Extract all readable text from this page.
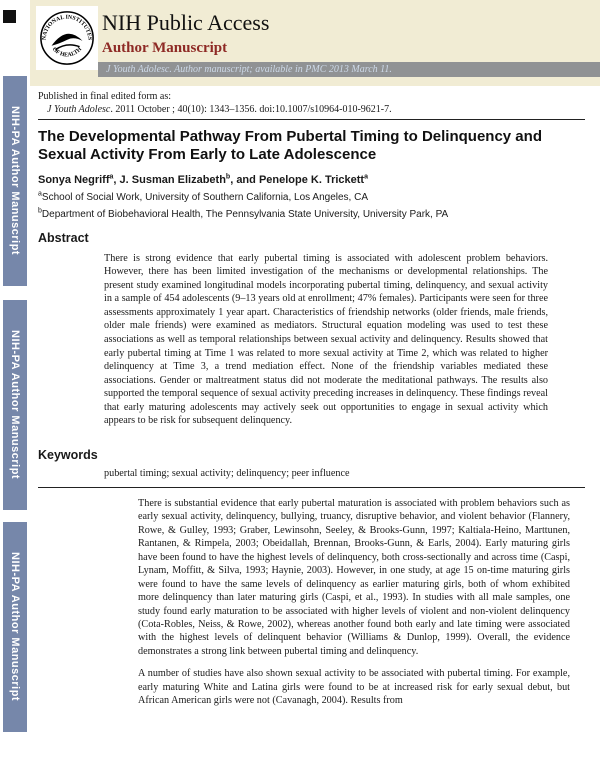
NIH-PA Author Manuscript
NIH-PA Author Manuscript
NIH-PA Author Manuscript
NATIONAL INSTITUTES
OF HEALTH
NIH Public Access
Author Manuscript
J Youth Adolesc. Author manuscript; available in PMC 2013 March 11.
Published in final edited form as:
J Youth Adolesc. 2011 October ; 40(10): 1343–1356. doi:10.1007/s10964-010-9621-7.
The Developmental Pathway From Pubertal Timing to Delinquency and Sexual Activity From Early to Late Adolescence
Sonya Negriff$^a$, J. Susman Elizabeth$^b$, and Penelope K. Trickett$^a$
$^a$School of Social Work, University of Southern California, Los Angeles, CA
$^b$Department of Biobehavioral Health, The Pennsylvania State University, University Park, PA
Abstract

There is strong evidence that early pubertal timing is associated with adolescent problem behaviors. However, there has been limited investigation of the mechanisms or developmental relationships. The present study examined longitudinal models incorporating pubertal timing, delinquency, and sexual activity in a sample of 454 adolescents (9–13 years old at enrollment; 47% females). Participants were seen for three assessments approximately 1 year apart. Characteristics of friendship networks (older friends, male friends, older male friends) were examined as mediators. Structural equation modeling was used to test these associations as well as temporal relationships between sexual activity and delinquency. Results showed that early pubertal timing at Time 1 was related to more sexual activity at Time 2, which was related to higher delinquency at Time 3, a trend mediation effect. None of the friendship variables mediated these associations. Gender or maltreatment status did not moderate the meditational pathways. The results also supported the temporal sequence of sexual activity preceding increases in delinquency. These findings reveal that early maturing adolescents may actively seek out opportunities to engage in sexual activity which appears to be risk for subsequent delinquency.

Keywords
pubertal timing; sexual activity; delinquency; peer influence

There is substantial evidence that early pubertal maturation is associated with problem behaviors such as early sexual activity, delinquency, bullying, truancy, disruptive behavior, and violent behavior (Flannery, Rowe, & Gulley, 1993; Graber, Lewinsohn, Seeley, & Brooks-Gunn, 1997; Kaltiala-Heino, Marttunen, Rantanen, & Rimpela, 2003; Obeidallah, Brennan, Brooks-Gunn, & Earls, 2004). Early maturing girls have been found to have the highest levels of delinquency, both cross-sectionally and across time (Caspi, Lynam, Moffitt, & Silva, 1993; Haynie, 2003). However, in one study, at age 15 on-time maturing girls were found to have the same levels of delinquency as earlier maturing girls, both of whom exhibited more delinquency than later maturing girls (Caspi, et al., 1993). In studies with all male samples, one study found early maturation to be associated with higher levels of violent and non-violent delinquency (Cota-Robles, Neiss, & Rowe, 2002), whereas another found both early and late timing were associated with the highest levels of delinquent behavior (Williams & Dunlop, 1999). Overall, the evidence demonstrates a strong link between pubertal timing and delinquency.

A number of studies have also shown sexual activity to be associated with pubertal timing. For example, early maturing White and Latina girls were found to be at increased risk for early sexual debut, but African American girls were not (Cavanagh, 2004). Results from
